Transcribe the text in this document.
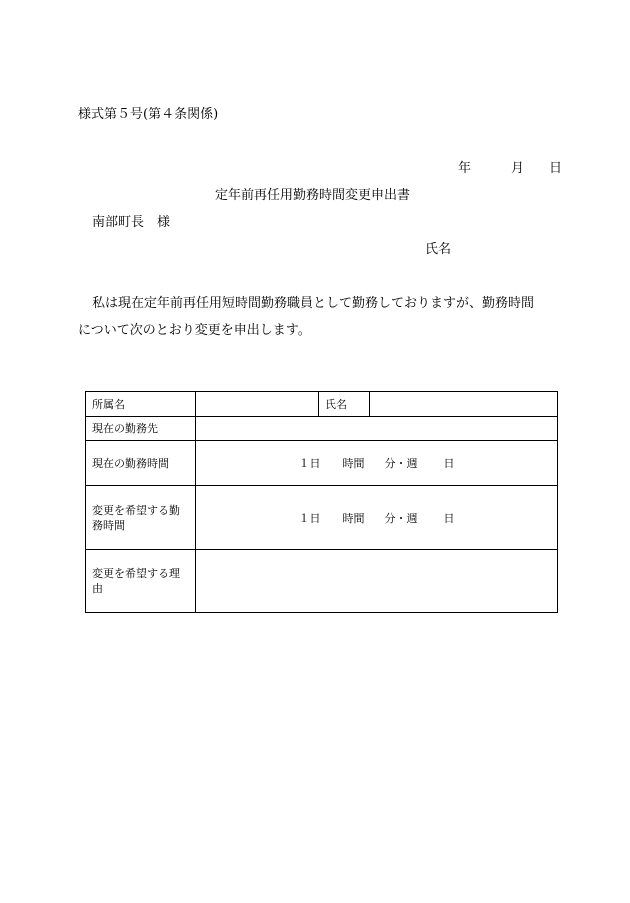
様式第５号(第４条関係)
年	月 日
定年前再任用勤務時間変更申出書
南部町長　様
氏名
私は現在定年前再任用短時間勤務職員として勤務しておりますが、勤務時間
について次のとおり変更を申出します。
所属名		氏名	
現在の勤務先			
現在の勤務時間	１日 時間 分・週 日		
変更を希望する勤務時間	１日 時間 分・週 日		
変更を希望する理由			
